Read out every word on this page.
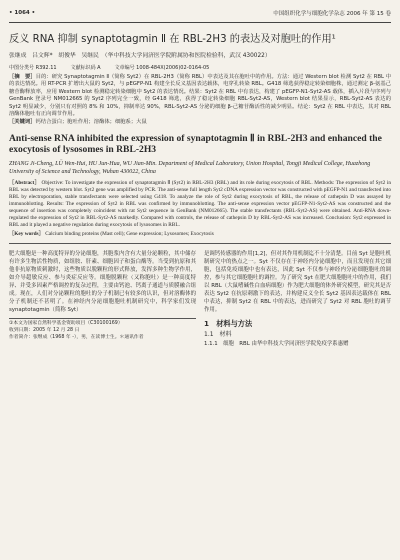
• 1064 •	中国组织化学与细胞化学杂志 2006 年 第 15 卷
反义 RNA 抑制 synaptotagmin Ⅱ 在 RBL-2H3 的表达及对胞吐的作用¹
张继成　吕文辉*　胡俊华　吴继民　（华中科技大学同济医学院附属协和医院检验科，武汉 430022）
中图分类号 R392.11	文献标识码 A	文章编号 1008-484X(2006)02-0164-05
［摘　要］目的：研究 Synaptotagmin Ⅱ（简称 Syt2）在 RBL-2H3（简称 RBL）中表达及其在胞吐中的作用。方法：通过 Western blot 检测 Syt2 在 RBL 中的表达情况。用 RT-PCR 扩增出大鼠的 Syt2，与 pEGFP-N1 构建全长反义基因表达载体，电穿孔转染 RBL。G418 筛选获得稳定转染细胞株，通过测定 β-氨基己糖苷酶释放率，应用 Western blot 检测稳定转染细胞中 Syt2 的表达情况。结果：Syt2 在 RBL 中有表达，构建了 pEGFP-N1-Syt2-AS 载体，插入片段与序列与 GenBank 登录号 NM012665 的 Syt2 序列完全一致，经 G418 筛选，获得了稳定转染细胞 RBL-Syt2-AS，Western blot 结果显示，RBL-Syt2-AS 表达的 Syt2 明显减少，分别只有对照的 8% 和 10%，抑制率达 90%，RBL-Syt2-AS 分泌的细胞 β-己糖苷酶活性的减少明显。结论：Syt2 在 RBL 中表达，其对 RBL 溶酶体胞吐有正向调节作用。
［关键词］钙结合蛋白；胞吐作用；溶酶体；细胞系；大鼠
Anti-sense RNA inhibited the expression of synaptotagmin Ⅱ in RBL-2H3 and enhanced the exocytosis of lysosomes in RBL-2H3
ZHANG Ji-Cheng, LÜ Wen-Hui, HU Jun-Hua, WU Jian-Min. Department of Medical Laboratory, Union Hospital, Tongji Medical College, Huazhong University of Science and Technology, Wuhan 430022, China
［Abstract］ Objective: To investigate the expression of synaptotagmin Ⅱ (Syt2) in RBL-2H3 (RBL) and its role during exocytosis of RBL. Methods: The expression of Syt2 in RBL was detected by western blot. Syt2 gene was amplified by PCR. The anti-sense full length Syt2 cDNA expression vector was constructed with pEGFP-N1 and transfected into RBL by electroporation, stable transfectants were selected using G418. To analyze the role of Syt2 during exocytosis of RBL, the release of cathepsin D was assayed by immunoblotting. Results: The expression of Syt2 in RBL was confirmed by immunoblotting. The anti-sense expression vector pEGFP-N1-Syt2-AS was constructed and the sequence of insertion was completely coincident with rat Syt2 sequence in GenBank (NM012665). The stable transfectants (RBL-Syt2-AS) were obtained. Anti-RNA down-regulated the expression of Syt2 in RBL-Syt2-AS markedly. Compared with controls, the release of cathepsin D by RBL-Syt2-AS was increased. Conclusion: Syt2 expressed in RBL and it played a negative regulation during exocytosis of lysosomes in RBL.
［Key words］ Calcium binding proteins (Mast cell); Gene expression; Lysosomes; Exocytosis
肥大细胞是一种高度特异的分泌细胞，其胞浆内含有大量分泌颗粒，其中储存有许多生物活性物质，如组胺、肝素、细胞因子和蛋白酶等。当受到抗原和其他非抗原物质刺激时，这些物质以脱颗粒的形式释放，发挥多种生物学作用，如介导超敏反应、参与炎症反应等。细胞脱颗粒（又称胞吐）是一种高度特异、并受多因素严格调控的复杂过程，主要由钙池、钙离子通道与质膜融合组成。现在，人们对分泌颗粒的胞吐的分子机制已有较多的认识，但对溶酶体的分子机制还不甚明了。在神经内分泌细胞胞吐机制研究中，科学家们发现 synaptotagmin（简称 Syt）
①本文为国家自然科学基金资助项目（C30100169）
收到日期：2005 年 12 月 28 日
作者简介：张继成（1968 年 -），男，在读博士生。＊通讯作者
是调钙传感器的作用[1,2]，但对其作用机制迄不十分清楚。目前 Syt 是胞吐机制研究中的热点之一。Syt 不仅存在于神经内分泌细胞中，而且发现在其它细胞，包括免疫细胞中也有表达，因此 Syt 不仅参与神经内分泌细胞胞吐的调控，参与其它细胞胞吐的调控。为了研究 Syt 在肥大细胞胞吐中的作用，我们以 RBL（大鼠嗜碱性白血病细胞）作为肥大细胞的体外研究模型，研究其是否表达 Syt2 在抗原刺激下的表达，并构建反义全长 Syt2 基因表达载体在 RBL 中表达，抑制 Syt2 在 RBL 中的表达，进而研究了 Syt2 对 RBL 胞吐的调节作用。
1　材料与方法
1.1　材料
1.1.1　细胞　RBL 由华中科技大学同济医学院免疫学系惠赠
